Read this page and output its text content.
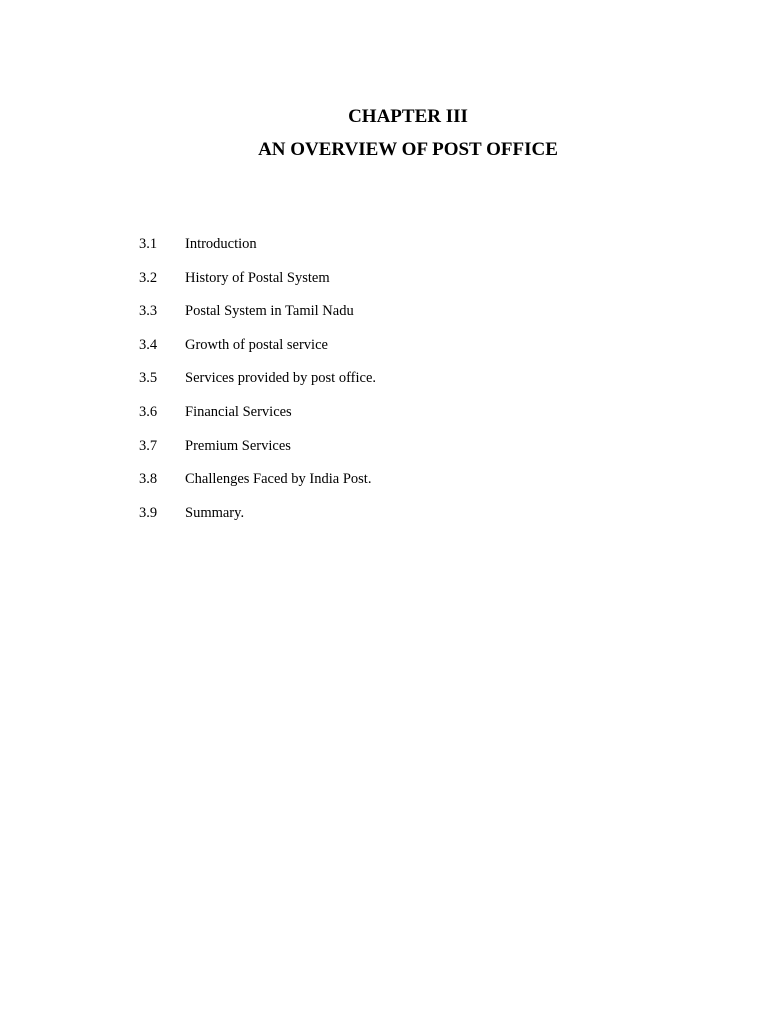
CHAPTER III
AN OVERVIEW OF POST OFFICE
3.1	Introduction
3.2	History of Postal System
3.3	Postal System in Tamil Nadu
3.4	Growth of postal service
3.5	Services provided by post office.
3.6	Financial Services
3.7	Premium Services
3.8	Challenges Faced by India Post.
3.9	Summary.
